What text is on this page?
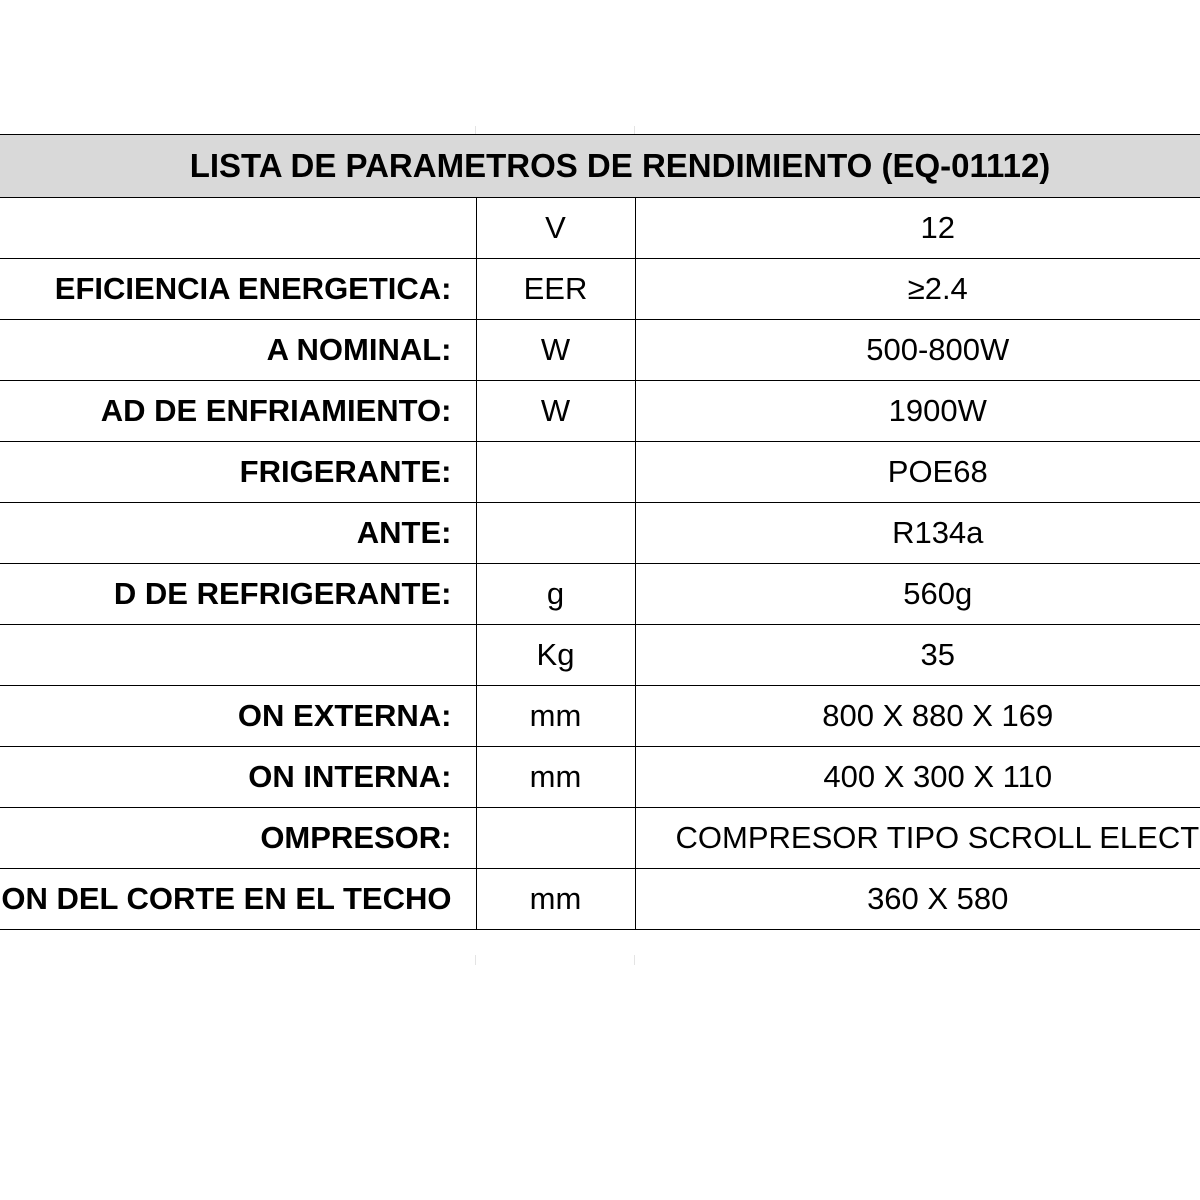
LISTA DE PARAMETROS DE RENDIMIENTO (EQ-01112)		
	V	12
EFICIENCIA ENERGETICA:	EER	≥2.4
A NOMINAL:	W	500-800W
AD DE ENFRIAMIENTO:	W	1900W
FRIGERANTE:		POE68
ANTE:		R134a
D DE REFRIGERANTE:	g	560g
	Kg	35
ON EXTERNA:	mm	800 X 880 X 169
ON INTERNA:	mm	400 X 300 X 110
OMPRESOR:		COMPRESOR TIPO SCROLL ELECT
ON DEL CORTE EN EL TECHO	mm	360 X 580
